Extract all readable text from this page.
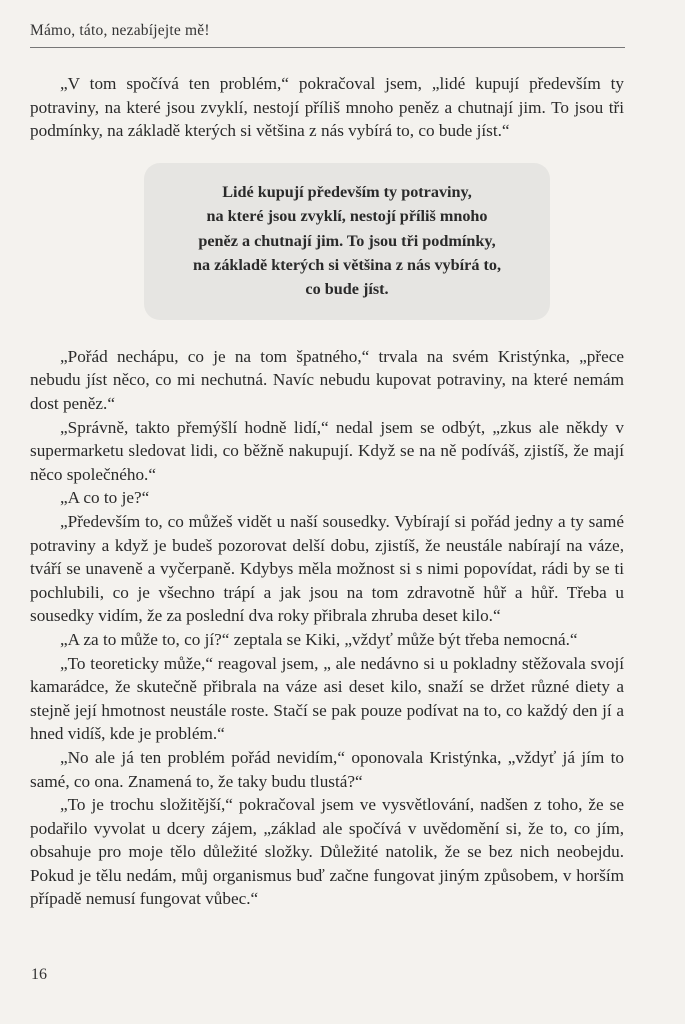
Mámo, táto, nezabíjejte mě!

„V tom spočívá ten problém,“ pokračoval jsem, „lidé kupují především ty potraviny, na které jsou zvyklí, nestojí příliš mnoho peněz a chutnají jim. To jsou tři podmínky, na základě kterých si většina z nás vybírá to, co bude jíst.“

Lidé kupují především ty potraviny,
na které jsou zvyklí, nestojí příliš mnoho
peněz a chutnají jim. To jsou tři podmínky,
na základě kterých si většina z nás vybírá to,
co bude jíst.

„Pořád nechápu, co je na tom špatného,“ trvala na svém Kristýnka, „přece nebudu jíst něco, co mi nechutná. Navíc nebudu kupovat potraviny, na které nemám dost peněz.“

„Správně, takto přemýšlí hodně lidí,“ nedal jsem se odbýt, „zkus ale někdy v supermarketu sledovat lidi, co běžně nakupují. Když se na ně podíváš, zjistíš, že mají něco společného.“

„A co to je?“

„Především to, co můžeš vidět u naší sousedky. Vybírají si pořád jedny a ty samé potraviny a když je budeš pozorovat delší dobu, zjistíš, že neustále nabírají na váze, tváří se unaveně a vyčerpaně. Kdybys měla možnost si s nimi popovídat, rádi by se ti pochlubili, co je všechno trápí a jak jsou na tom zdravotně hůř a hůř. Třeba u sousedky vidím, že za poslední dva roky přibrala zhruba deset kilo.“

„A za to může to, co jí?“ zeptala se Kiki, „vždyť může být třeba nemocná.“

„To teoreticky může,“ reagoval jsem, „ ale nedávno si u pokladny stěžovala svojí kamarádce, že skutečně přibrala na váze asi deset kilo, snaží se držet různé diety a stejně její hmotnost neustále roste. Stačí se pak pouze podívat na to, co každý den jí a hned vidíš, kde je problém.“

„No ale já ten problém pořád nevidím,“ oponovala Kristýnka, „vždyť já jím to samé, co ona. Znamená to, že taky budu tlustá?“

„To je trochu složitější,“ pokračoval jsem ve vysvětlování, nadšen z toho, že se podařilo vyvolat u dcery zájem, „základ ale spočívá v uvědomění si, že to, co jím, obsahuje pro moje tělo důležité složky. Důležité natolik, že se bez nich neobejdu. Pokud je tělu nedám, můj organismus buď začne fungovat jiným způsobem, v horším případě nemusí fungovat vůbec.“

16
